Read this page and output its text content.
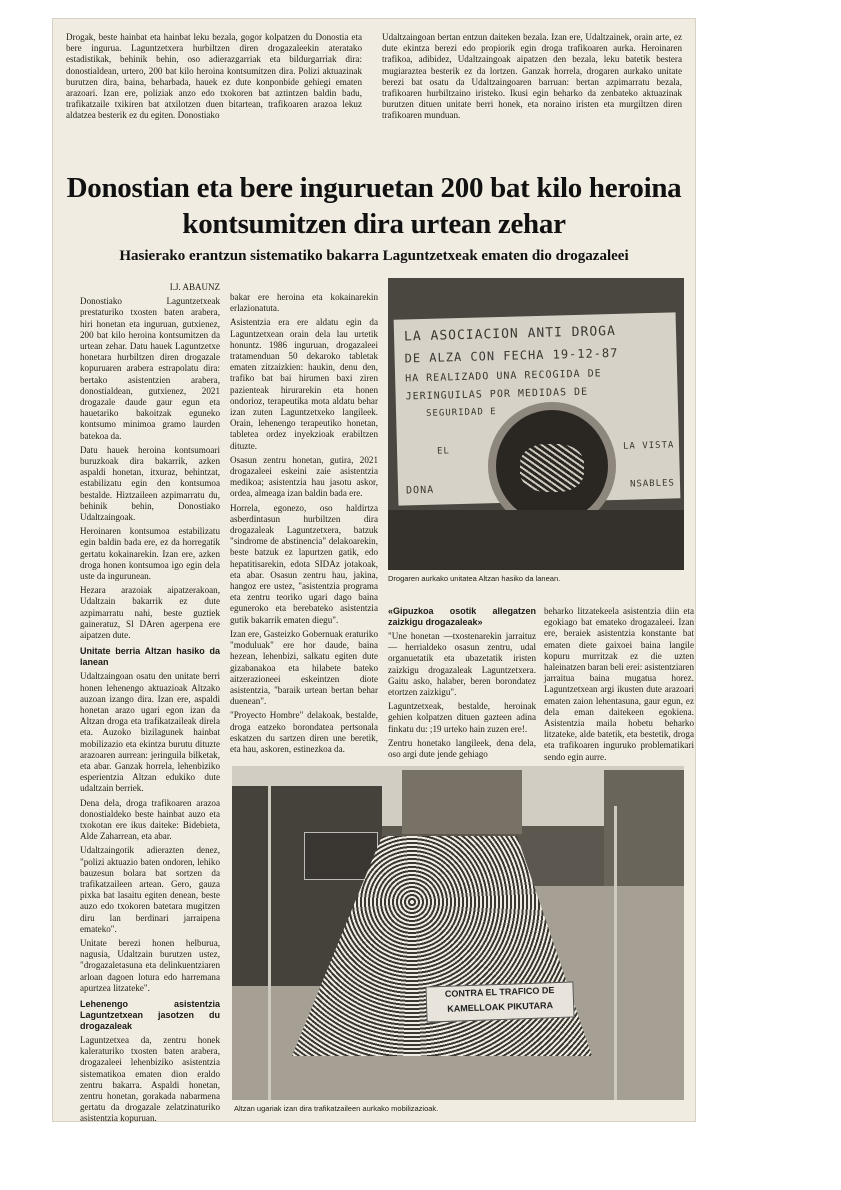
Drogak, beste hainbat eta hainbat leku bezala, gogor kolpatzen du Donostia eta bere ingurua. Laguntzetxera hurbiltzen diren drogazaleekin ateratako estadistikak, behinik behin, oso adierazgarriak eta bildurgarriak dira: donostialdean, urtero, 200 bat kilo heroina kontsumitzen dira. Polizi aktuazinak burutzen dira, baina, beharbada, hauek ez dute konponbide gehiegi ematen arazoari. Izan ere, poliziak anzo edo txokoren bat aztintzen baldin badu, trafikatzaile txikiren bat atxilotzen duen bitartean, trafikoaren arazoa lekuz aldatzea besterik ez du egiten. Donostiako
Udaltzaingoan bertan entzun daiteken bezala. Izan ere, Udaltzainek, orain arte, ez dute ekintza berezi edo propiorik egin droga trafikoaren aurka. Heroinaren trafikoa, adibidez, Udaltzaingoak aipatzen den bezala, leku batetik bestera mugiaraztea besterik ez da lortzen. Ganzak horrela, drogaren aurkako unitate berezi bat osatu da Udaltzaingoaren barruan: bertan azpimarratu bezala, trafikoaren hurbiltzaino iristeko. Ikusi egin beharko da zenbateko aktuazinak burutzen dituen unitate berri honek, eta noraino iristen eta murgiltzen diren trafikoaren munduan.
Donostian eta bere inguruetan 200 bat kilo heroina kontsumitzen dira urtean zehar
Hasierako erantzun sistematiko bakarra Laguntzetxeak ematen dio drogazaleei
I.J. ABAUNZ

Donostiako Laguntzetxeak prestaturiko txosten baten arabera, hiri honetan eta inguruan, gutxienez, 200 bat kilo heroina kontsumitzen da urtean zehar. Datu hauek Laguntzetxe honetara hurbiltzen diren drogazale kopuruaren arabera estrapolatu dira: bertako asistentzien arabera, donostialdean, gutxienez, 2021 drogazale daude gaur egun eta hauetariko bakoitzak eguneko kontsumo minimoa gramo laurden batekoa da.

Datu hauek heroina kontsumoari buruzkoak dira bakarrik, azken aspaldi honetan, itxuraz, behintzat, estabilizatu egin den kontsumoa bestalde. Hiztzaileen azpimarratu du, behinik behin, Donostiako Udaltzaingoak.

Heroinaren kontsumoa estabilizatu egin baldin bada ere, ez da horregatik gertatu kokainarekin. Izan ere, azken droga honen kontsumoa igo egin dela uste da ingurunean.

Hezara arazoiak aipatzerakoan, Udaltzain bakarrik ez dute azpimarratu nahi, beste guztiek gaineratuz, Sl DAren agerpena ere aipatzen dute.

Unitate berria Altzan hasiko da lanean

Udaltzaingoan osatu den unitate berri honen lehenengo aktuazioak Altzako auzoan izango dira. Izan ere, aspaldi honetan arazo ugari egon izan da Altzan droga eta trafikatzaileak direla eta. Auzoko bizilagunek hainbat mobilizazio eta ekintza burutu dituzte arazoaren aurrean: jeringuila bilketak, eta abar. Ganzak horrela, lehenbiziko esperientzia Altzan edukiko dute udaltzain berriek.

Dena dela, droga trafikoaren arazoa donostialdeko beste hainbat auzo eta txokotan ere ikus daiteke: Bidebieta, Alde Zaharrean, eta abar.

Udaltzaingotik adierazten denez, "polizi aktuazio baten ondoren, lehiko bauzesun bolara bat sortzen da trafikatzaileen artean. Gero, gauza pixka bat lasaitu egiten denean, beste auzo edo txokoren batetara mugitzen diru lan berdinari jarraipena emateko".

Unitate berezi honen helburua, nagusia, Udaltzain burutzen ustez, "drogazaletasuna eta delinkuentziaren arloan dagoen lotura edo harremana apurtzea litzateke".

Lehenengo asistentzia Laguntzetxean jasotzen du drogazaleak

Laguntzetxea da, zentru honek kaleraturiko txosten baten arabera, drogazaleei lehenbiziko asistentzia sistematikoa ematen dion eraldo zentru bakarra. Aspaldi honetan, zentru honetan, gorakada nabarmena gertatu da drogazale zelatzinaturiko asistentzia kopuruan.

bakar ere heroina eta kokainarekin erlazionatuta.

Asistentzia era ere aldatu egin da Laguntzetxean orain dela lau urtetik honuntz. 1986 inguruan, drogazaleei tratamenduan 50 dekaroko tabletak ematen zitzaizkien: haukin, denu den, trafiko bat bai hirumen baxi ziren pazienteak hirurarekin eta honen ondorioz, terapeutika mota aldatu behar izan zuten Laguntzetxeko langileek. Orain, lehenengo terapeutiko honetan, tabletea ordez inyekzioak erabiltzen dituzte.

Osasun zentru honetan, gutira, 2021 drogazaleei eskeini zaie asistentzia medikoa; asistentzia hau jasotu askor, ordea, almeaga izan baldin bada ere.

Horrela, egonezo, oso haldirtza asberdintasun hurbiltzen dira drogazaleak Laguntzetxera, batzuk "sindrome de abstinencia" delakoarekin, beste batzuk ez lapurtzen gatik, edo hepatitisarekin, edota SIDAz jotakoak, eta abar. Osasun zentru hau, jakina, hangoz ere ustez, "asistentzia programa eta zentru teoriko ugari dago baina eguneroko eta berebateko asistentzia gutik bakarrik ematen diegu".

Izan ere, Gasteizko Gobernuak eraturiko "moduluak" ere hor daude, baina hezean, lehenbizi, salkatu egiten dute gizabanakoa eta hilabete bateko aitzerazioneei eskeintzen diote asistentzia, "baraik urtean bertan behar duenean".

"Proyecto Hombre" delakoak, bestalde, droga eatzeko borondatea pertsonala eskatzen du sartzen diren une beretik, eta hau, askoren, estinezkoa da.

LA ASOCIACION ANTI DROGA
DE ALZA CON FECHA 19-12-87
HA REALIZADO UNA RECOGIDA DE
JERINGUILAS POR MEDIDAS DE
SEGURIDAD E
EL	LA VISTA
DONA
NSABLES
Drogaren aurkako unitatea Altzan hasiko da lanean.
«Gipuzkoa osotik allegatzen zaizkigu drogazaleak»

"Une honetan —txostenarekin jarraituz— herrialdeko osasun zentru, udal organuetatik eta ubazetatik iristen zaizkigu drogazaleak Laguntzetxera. Gaitu asko, halaber, beren borondatez etortzen zaizkigu".

Laguntzetxeak, bestalde, heroinak gehien kolpatzen dituen gazteen adina finkatu du: ;19 urteko hain zuzen ere!.

Zentru honetako langileek, dena dela, oso argi dute jende gehiago

beharko litzatekeela asistentzia diin eta egokiago bat emateko drogazaleei. Izan ere, beraiek asistentzia konstante bat ematen diete gaixoei baina langile kopuru murritzak ez die uzten haleinatzen baran beli erei: asistentziaren jarraitua baina mugatua horez. Laguntzetxean argi ikusten dute arazoari ematen zaion lehentasuna, gaur egun, ez dela eman daitekeen egokiena. Asistentzia maila hobetu beharko litzateke, alde batetik, eta bestetik, droga eta trafikoaren inguruko problematikari sendo egin aurre.

CONTRA EL TRAFICO DE
KAMELLOAK PIKUTARA
Altzan ugariak izan dira trafikatzaileen aurkako mobilizazioak.
